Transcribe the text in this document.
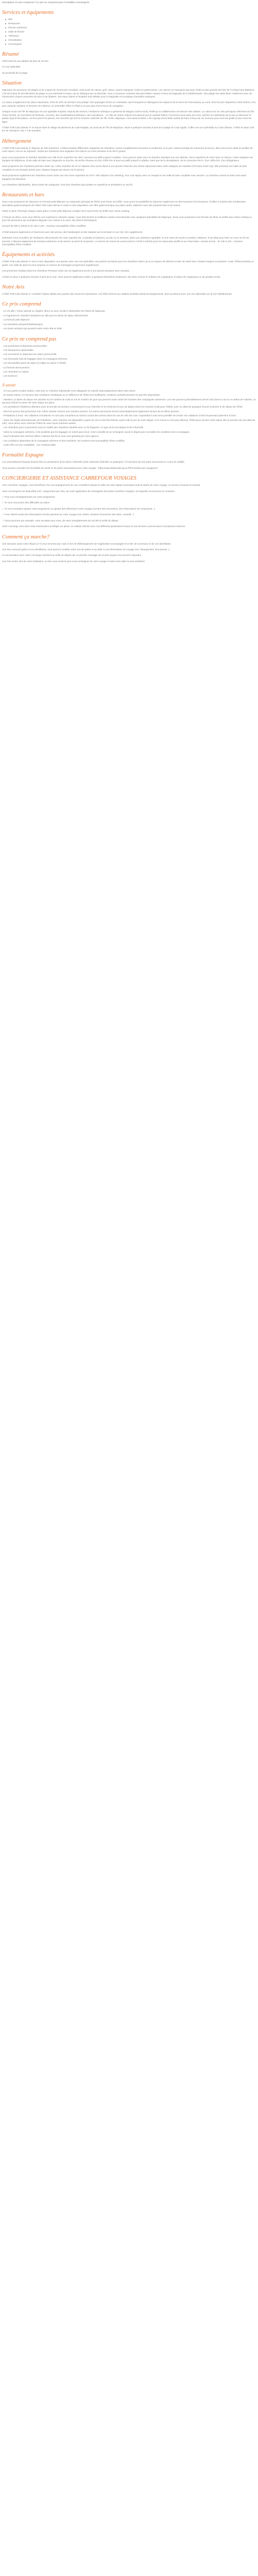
Description Ce prix comprend / Ce prix ne comprend pas Formalités Conciergerie
Services et équipements
Wifi
Restaurant
Piscine extérieure
Salle de fitness
Télévision
Climatisation
Conciergerie
Résumé

Hôtel réservé aux adultes de plus de 18 ans

Un vue splendide

Sa proximité de la plage

Situation

Majorque est synonyme de plages et de criques de renommée mondiale, mais aussi de nature, golf, culture, sports nautiques, loisirs et gastronomie. Les raisons ne manquent pas pour visiter la plus grande des îles de l'Archipel des Baléares. L'île de la plus de 60 kilomètres de plage et une extrémité à l'autre, qui se distingue par sa diversité. Vous y trouverez certaines des plus belles criques et lieux de baignade de la Méditerranée. Des plages de sable blanc s'alternent avec de minuscules criques entourées de pins et de falaises. Ses eaux claires et limpides sont idéales pour la baignade et la pratique d'activités nautiques.

La nature a également une place importante. Près de 40% du territoire est protégé. Des paysages riches en contrastes, parmi lesquels se distinguent les espaces de la Serra de Tramuntana, au nord, dont les pics dépassent 1400 mètres, et le parc national maritime et terrestre de Cabrera, un ensemble d'îles et d'îlots à un peu plus d'une heure de navigation.

Chaque recoin de l'île de Majorque est une agréable surprise. Depuis des siècles, l'ambiance artistique a parsemé de villages comme Deià, Pollença ou Valldemossa ont fasciné des artistes. La culture est l'un des principaux éléments de l'île. Toute l'année, se succèdent de festivals, concerts, des manifestations littéraires, des expositions... Le rôle de centre culturel est assumé par la capitale Palma. Promenez-vous dans ses rues, admirer la Cathédrale de la Seu et découvrir le palais royal d'Almudaina, comme parmi les pierres, les marchés qui font la richesse culturelle de l'île. Enfin, Majorque, c'est aussi la fiesta. L'île regorge d'une belle variété de bars et lieux de vie nocturne pour tous les goûts et pour tous les âges.

L'hôtel THB Cala Lliteras 4* se trouve dans le village de pêcheurs de Cala Ratjada, au nord-est de l'île de Majorque. Situé à quelques minutes à pied de la plage de Cala Agulla, il offre une vue splendide sur Cala Lliteras. L'hôtel se situe à 80 km de l'aéroport, soit 1 h de transfert.

Hébergement

L'hôtel THB Cala Lliteras 4* dispose de 208 chambres. L'hôtel possède différentes catégories de chambres, toutes complètement rénovées et modernes, et le parc naturel protégé les entourant (Unesco), elles sont le lieu idéal où profiter de votre séjour, tout en se reposant. Toutes les chambres sont équipées d'un balcon ou d'une terrasse et du Wi-Fi gratuit.

Nous vous proposons la chambre standard vue ville d'une superficie de 19m², pouvant accueillir jusqu'à 3 adultes. Vous pourrez opter pour la chambre standard vue mer latérale, d'une superficie de 19m² avec un balcon. Cette catégorie est équipée de téléphone, d'une salle de bain avec baignoire ou douche, de sèche-cheveux et d'un coffre-fort et peut accueillir jusqu'à 3 adultes, ainsi que de la climatisation, de la connexion Wi-Fi, d'un coffre-fort, d'un réfrigérateur.

Nous proposons les chambres premium Swim Up. Cette chambre de 23 m² dispose d'un accès direct à une piscine réservée aux clients séjournant dans cette catégorie de chambre (Premium Swim Up). Elle possède une salle de bain complète et une terrasse privée avec chaises longues qui donne sur la piscine.

Nous proposons également les chambres Junior Suite vue mer d'une superficie de 37m². Elle dispose d'un dressing, d'un coin séjour avec un canapé et une salle de bain complète avec douche. La chambre comme la suite sont aussi équipées de télévision.

Les chambres individuelles, dans toutes les catégories, sont des chambres plus petites en superficie et possèdent un seul lit.

Restaurants et bars

Nous vous proposons de séjourner en formule petit déjeuner au restaurant principal de l'hôtel sous forme de buffet. Vous aurez la possibilité de séjourner également en demi-pension hors boissons. Profitez à volonté des nombreuses spécialités gastronomiques de l'hôtel THB Cala Lliteras 4* mets à votre disposition une offre gastronomique aux plats variés, élaborée avec des produits frais et de saison.

Faites le plein d'énergie chaque matin grâce à notre petit déjeuner complet servi sous forme de buffet avec show cooking.

À l'heure du dîner, nous vous offrons une expérience culinaire unique. Vous découvrirez la meilleure cuisine internationale avec quelques spécialités de Majorque. Nous vous proposons une formule de dîner en buffet avec show cooking et, pour les personnes qui souhaitent déguster une cuisine à la carte, des dîners thématiques.

(Ouvert de 08h à 10h30 et de 19h à 21h - Horaires susceptibles d'être modifiés)

L'hôtel propose également un food truck avec des pizzas, des hamburgers et des salades sur la terrasse et vue mer. (En supplément)

Détendez-vous et profitez de l'ambiance décontractée de notre superbe bar. Cocktails et boissons, au bar ou en terrasse, dans une ambiance agréable, et une carte de snacks et petites collations. Il est idéal pour boire un verre en fin de journée. Il dispose également de terrasse extérieure et de service au bord de la piscine. Le service de snack est ouvert (midi et 17h30 à 22h30) pour les repas plus tardifs et sur réservation. Horaire du bar : de 10h à 24h - Horaires susceptibles d'être modifiés.

Équipements et activités

L'hôtel THB Cala Lliteras 4* met à votre disposition une piscine avec une vue splendide, une piscine exclusive pour les chambres Swim Up et un espace de détente et bain de soleil avec chaises longues et parasols. Aussi, l'hôtel possède un jardin, une salle de sport et vous propose un service de massages (moyennant supplément).

Les personnes résidant dans les chambres Premium Swim Up ont également accès à une piscine privative avec transats.

L'hôtel se situe à quelques minutes à pied de la mer. Vous pourrez également visiter, à quelques kilomètres seulement, des sites comme le château de Capdepera, le phare de Capdepera ou les grottes d'Artà.

Notre Avis

L'hôtel THB Cala Lliteras 4* constitue l'option idéale pour passer des vacances reposantes. Cet hôtel réservé aux adultes possède plusieurs équipements, dont sa piscine avec une vue splendide sur la mer Méditerranée.

Ce prix comprend

- Le vol aller / retour spécial ou régulier, direct ou avec escale à destination de Palma de Majorque

- Le logement en chambre standard vue ville pour la durée du séjour sélectionnée

- La formule petit déjeuner

- Les transferts aéroport/hôtel/aéroport

- Les taxes aéroport qui peuvent varier entre 30€ et 200€

Ce prix ne comprend pas

- Les pourboires et dépenses personnelles

- Les assurances optionnelles

- Les excursions et dépenses de nature personnelle

- Les éventuels frais de bagages selon la compagnie aérienne

- Les éventuelles taxes de séjour (à régler sur place à l'hôtel)

- La formule demi-pension

- Les chambres en option

- Les boissons

À savoir

- Si vous partez tout(e) seul(e), votre prix en chambre individuelle sera obligatoire et calculé automatiquement dans votre devis.

- En basse saison, en fonction des conditions climatiques ou si l'affluence de l'hôtel est insuffisante, certaines activités peuvent ne pas être disponibles.

- Attention, la durée du séjour est calculée sur le nombre de nuits et non le nombre de jours qui peuvent varier selon les horaires des compagnies aériennes. Les vols peuvent potentiellement arriver tard dans la nuit ou en début de matinée, ce qui peut réduire la durée de votre séjour sur place.

- Les prestations hôtelières débutent avec la formule de pension commençant le jour d'arrivée et se terminent le jour du départ selon les horaires (midi pour l'hôtel), avec un délai de quelques heures d'arrivée et de départ de l'hôtel.

- Dès lors qu'une des personnes d'un même dossier réserve une certaine pension, les autres personnes seront automatiquement également tenues de la même pension.

- Prestations à bord : les collations et boissons ne sont pas comprises au service à bord des avions dans les cas de vols low cost. Cependant il vous sera possible de choisir vos collations à bord moyennant paiement à bord.

- Selon les règles internationales de l'hôtellerie, votre chambre est disponible à partir de 14h et doit être libérée avant midi le jour de votre départ. Si le check-in n'est pas effectué, l'hôtel peut annuler votre séjour dès le premier soir (au-delà de 24h). Vous devez donc informer l'hôtel de votre heure d'arrivée tardive.

- Les chambres pour 3 personnes sont en réalité des chambres doubles avec un lit d'appoint. Le type de lit est indiqué à titre informatif.

- Selon la compagnie aérienne, il est possible que les bagages ne soient pas inclus. Il est conseillé de se renseigner avant le départ pour connaître les conditions de la compagnie.

- Seul l'indication des services listés ci-dessus fait foi et vous sont garantis par notre agence.

- Les conditions dépendent de la compagnie aérienne et des transferts, les horaires sont susceptibles d'être modifiés.

- Cette offre est non modifiable - non remboursable

Formalité Espagne

Les ressortissants français doivent être en possession d'une pièce d'identité (carte nationale d'identité ou passeport, à l'exclusion de tout autre document) en cours de validité.

Vous pouvez consulter les formalités de santé et de police nécessaires pour votre voyage : https://www.diplomatie.gouv.fr/fr/conseils-aux-voyageurs/

CONCIERGERIE ET ASSISTANCE CARREFOUR VOYAGES

Avec Carrefour Voyages, vous bénéficiez d'un accompagnement de nos conseillers depuis la veille de votre départ et pendant toute la durée de votre voyage, un service innovant et exclusif.

Votre conciergerie est disponible 24/7, uniquement par chat, via votre application de messagerie sécurisée Carrefour Voyages, sur laquelle vous pouvez le contacter :

✓ Pour tous renseignements sur votre programme

✓ Si vous rencontrez des difficultés sur place

✓ Si vous souhaitez ajouter votre programme ou ajouter des éléments à votre voyage (comme des excursions, des réservations de restaurants...)

✓ Pour obtenir aussi des informations d'ordre général sur votre voyage (vol, météo, horaires d'ouverture des sites, conseils...)

✓ Nous pourrons par exemple, vous accepter pour vous, de votre enregistrement de vol dès la veille du départ

Votre concierge sera alors votre interlocuteur privilégié sur place, en relation directe avec nos différents partenaires locaux et nos services commerciaux et production internes.

Comment ça marche?

Une semaine avant votre départ (J-7) vous recevrez par mail, le lien de téléchargement de l'application accompagné d'un lien de connexion et de vos identifiants.

Une fois connecté grâce à vos identifiants, vous pourrez modifier votre mot de passe et accéder à vos informations de voyage (vol, hébergement, documents...).

La conversation avec votre concierge s'activera la veille du départ par un premier message de sa part auquel vous pourrez répondre.

Une fois rentré, lors de votre réalisation, un lien vous enverra pour nous renseigner de votre voyage et ainsi nous aider à nous améliorer.
